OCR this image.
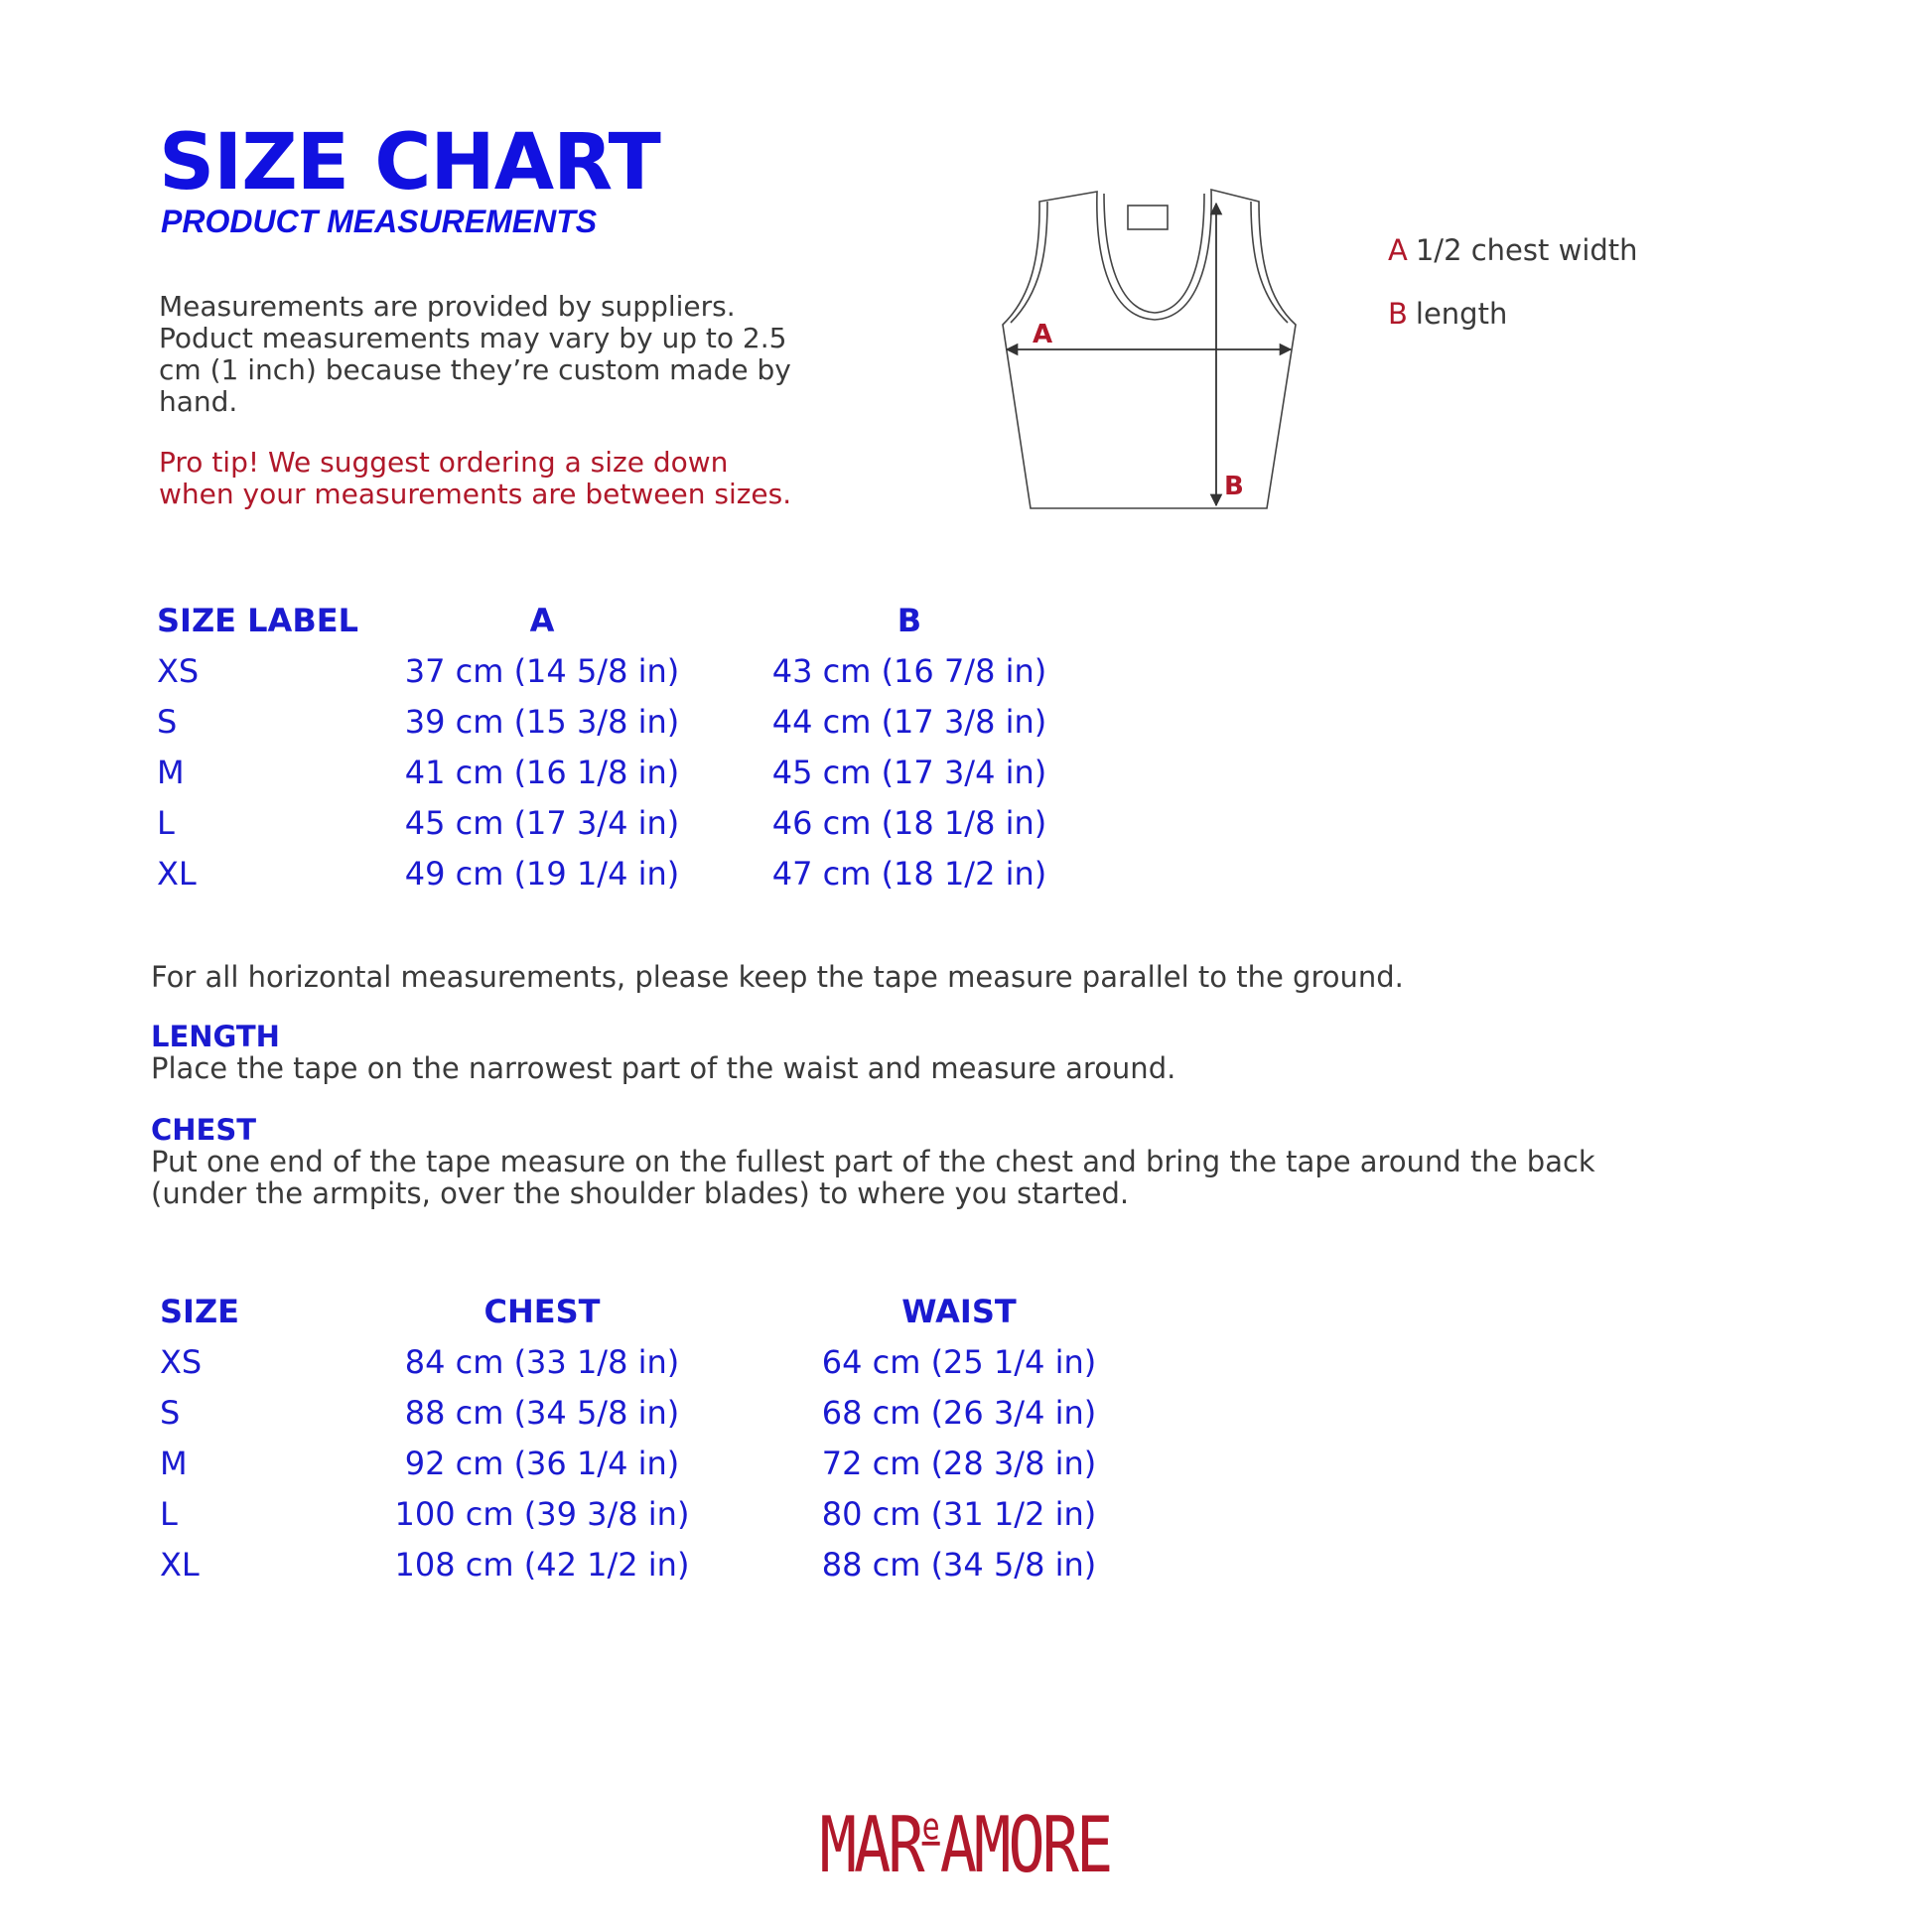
SIZE CHART
PRODUCT MEASUREMENTS

Measurements are provided by suppliers.

Poduct measurements may vary by up to 2.5

cm (1 inch) because they’re custom made by

hand.

Pro tip! We suggest ordering a size down

when your measurements are between sizes.

A
B
A 1/2 chest width
B length
SIZE LABEL	A	B
XS	37 cm (14 5/8 in)	43 cm (16 7/8 in)
S	39 cm (15 3/8 in)	44 cm (17 3/8 in)
M	41 cm (16 1/8 in)	45 cm (17 3/4 in)
L	45 cm (17 3/4 in)	46 cm (18 1/8 in)
XL	49 cm (19 1/4 in)	47 cm (18 1/2 in)

For all horizontal measurements, please keep the tape measure parallel to the ground.

LENGTH

Place the tape on the narrowest part of the waist and measure around.

CHEST

Put one end of the tape measure on the fullest part of the chest and bring the tape around the back

(under the armpits, over the shoulder blades) to where you started.

SIZE	CHEST	WAIST
XS	84 cm (33 1/8 in)	64 cm (25 1/4 in)
S	88 cm (34 5/8 in)	68 cm (26 3/4 in)
M	92 cm (36 1/4 in)	72 cm (28 3/8 in)
L	100 cm (39 3/8 in)	80 cm (31 1/2 in)
XL	108 cm (42 1/2 in)	88 cm (34 5/8 in)
MAR$^e$AMORE
